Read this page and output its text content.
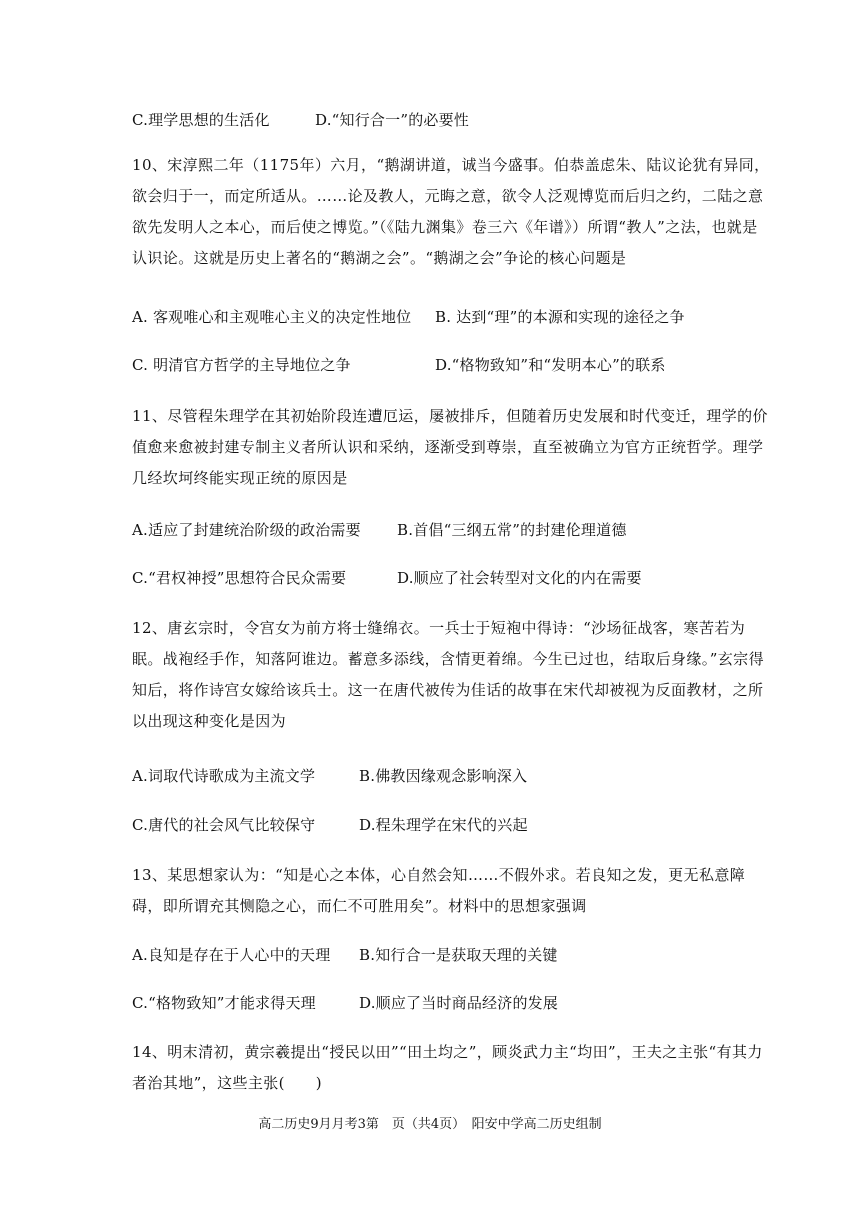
C.理学思想的生活化	D.“知行合一”的必要性
10、宋淳熙二年（1175年）六月，“鹅湖讲道，诚当今盛事。伯恭盖虑朱、陆议论犹有异同，欲会归于一，而定所适从。……论及教人，元晦之意，欲令人泛观博览而后归之约，二陆之意欲先发明人之本心，而后使之博览。”（《陆九渊集》卷三六《年谱》）所谓“教人”之法，也就是认识论。这就是历史上著名的“鹅湖之会”。“鹅湖之会”争论的核心问题是
A. 客观唯心和主观唯心主义的决定性地位 B. 达到“理”的本源和实现的途径之争
C. 明清官方哲学的主导地位之争	D.“格物致知”和“发明本心”的联系
11、尽管程朱理学在其初始阶段连遭厄运，屡被排斥，但随着历史发展和时代变迁，理学的价值愈来愈被封建专制主义者所认识和采纳，逐渐受到尊崇，直至被确立为官方正统哲学。理学几经坎坷终能实现正统的原因是
A.适应了封建统治阶级的政治需要 B.首倡“三纲五常”的封建伦理道德
C.“君权神授”思想符合民众需要	D.顺应了社会转型对文化的内在需要
12、唐玄宗时，令宫女为前方将士缝绵衣。一兵士于短袍中得诗：“沙场征战客，寒苦若为眠。战袍经手作，知落阿谁边。蓄意多添线，含情更着绵。今生已过也，结取后身缘。”玄宗得知后，将作诗宫女嫁给该兵士。这一在唐代被传为佳话的故事在宋代却被视为反面教材，之所以出现这种变化是因为
A.词取代诗歌成为主流文学	B.佛教因缘观念影响深入
C.唐代的社会风气比较保守	D.程朱理学在宋代的兴起
13、某思想家认为：“知是心之本体，心自然会知……不假外求。若良知之发，更无私意障碍，即所谓充其恻隐之心，而仁不可胜用矣”。材料中的思想家强调
A.良知是存在于人心中的天理 B.知行合一是获取天理的关键
C.“格物致知”才能求得天理	D.顺应了当时商品经济的发展
14、明末清初，黄宗羲提出“授民以田”“田土均之”，顾炎武力主“均田”，王夫之主张“有其力者治其地”，这些主张(　　)
高二历史9月月考3第　页（共4页）　阳安中学高二历史组制
